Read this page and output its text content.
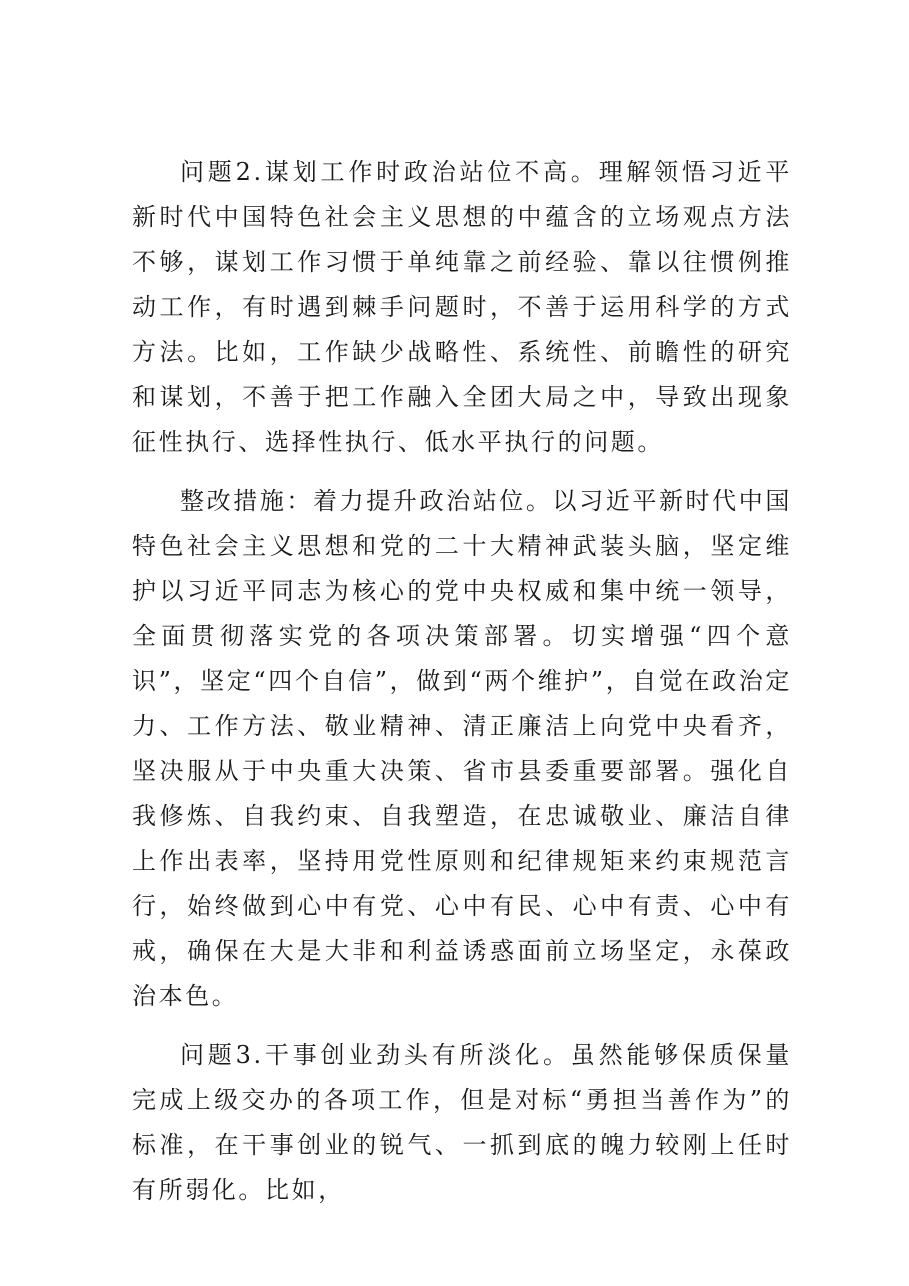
问题2.谋划工作时政治站位不高。理解领悟习近平新时代中国特色社会主义思想的中蕴含的立场观点方法不够，谋划工作习惯于单纯靠之前经验、靠以往惯例推动工作，有时遇到棘手问题时，不善于运用科学的方式方法。比如，工作缺少战略性、系统性、前瞻性的研究和谋划，不善于把工作融入全团大局之中，导致出现象征性执行、选择性执行、低水平执行的问题。

整改措施：着力提升政治站位。以习近平新时代中国特色社会主义思想和党的二十大精神武装头脑，坚定维护以习近平同志为核心的党中央权威和集中统一领导，全面贯彻落实党的各项决策部署。切实增强“四个意识”，坚定“四个自信”，做到“两个维护”，自觉在政治定力、工作方法、敬业精神、清正廉洁上向党中央看齐，坚决服从于中央重大决策、省市县委重要部署。强化自我修炼、自我约束、自我塑造，在忠诚敬业、廉洁自律上作出表率，坚持用党性原则和纪律规矩来约束规范言行，始终做到心中有党、心中有民、心中有责、心中有戒，确保在大是大非和利益诱惑面前立场坚定，永葆政治本色。

问题3.干事创业劲头有所淡化。虽然能够保质保量完成上级交办的各项工作，但是对标“勇担当善作为”的标准，在干事创业的锐气、一抓到底的魄力较刚上任时有所弱化。比如，
